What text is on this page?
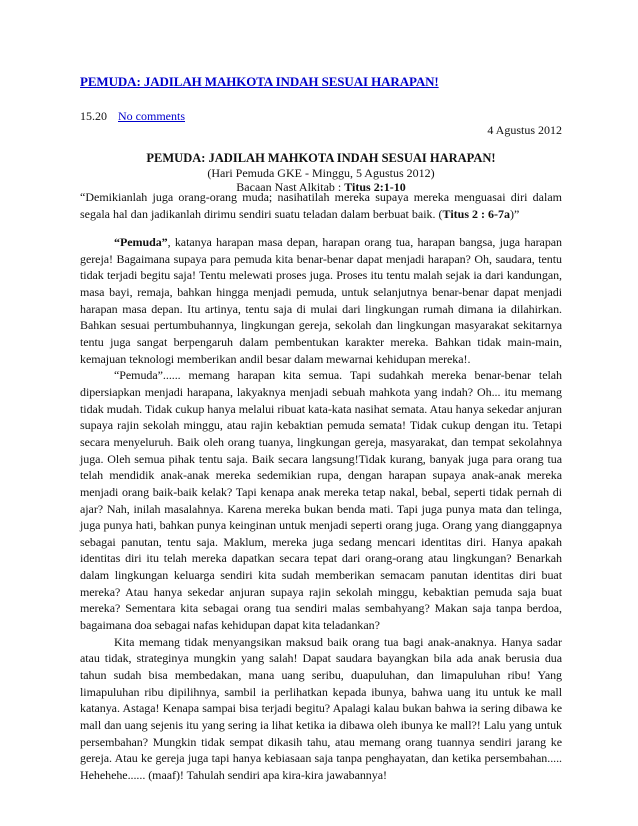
PEMUDA: JADILAH MAHKOTA INDAH SESUAI HARAPAN!
15.20 No comments
4 Agustus 2012
PEMUDA: JADILAH MAHKOTA INDAH SESUAI HARAPAN!
(Hari Pemuda GKE - Minggu, 5 Agustus 2012)
Bacaan Nast Alkitab : Titus 2:1-10
“Demikianlah juga orang-orang muda; nasihatilah mereka supaya mereka menguasai diri dalam segala hal dan jadikanlah dirimu sendiri suatu teladan dalam berbuat baik. (Titus 2 : 6-7a)”

“Pemuda”, katanya harapan masa depan, harapan orang tua, harapan bangsa, juga harapan gereja! Bagaimana supaya para pemuda kita benar-benar dapat menjadi harapan? Oh, saudara, tentu tidak terjadi begitu saja! Tentu melewati proses juga. Proses itu tentu malah sejak ia dari kandungan, masa bayi, remaja, bahkan hingga menjadi pemuda, untuk selanjutnya benar-benar dapat menjadi harapan masa depan. Itu artinya, tentu saja di mulai dari lingkungan rumah dimana ia dilahirkan. Bahkan sesuai pertumbuhannya, lingkungan gereja, sekolah dan lingkungan masyarakat sekitarnya tentu juga sangat berpengaruh dalam pembentukan karakter mereka. Bahkan tidak main-main, kemajuan teknologi memberikan andil besar dalam mewarnai kehidupan mereka!.

“Pemuda”...... memang harapan kita semua. Tapi sudahkah mereka benar-benar telah dipersiapkan menjadi harapana, lakyaknya menjadi sebuah mahkota yang indah? Oh... itu memang tidak mudah. Tidak cukup hanya melalui ribuat kata-kata nasihat semata. Atau hanya sekedar anjuran supaya rajin sekolah minggu, atau rajin kebaktian pemuda semata! Tidak cukup dengan itu. Tetapi secara menyeluruh. Baik oleh orang tuanya, lingkungan gereja, masyarakat, dan tempat sekolahnya juga. Oleh semua pihak tentu saja. Baik secara langsung!Tidak kurang, banyak juga para orang tua telah mendidik anak-anak mereka sedemikian rupa, dengan harapan supaya anak-anak mereka menjadi orang baik-baik kelak? Tapi kenapa anak mereka tetap nakal, bebal, seperti tidak pernah di ajar? Nah, inilah masalahnya. Karena mereka bukan benda mati. Tapi juga punya mata dan telinga, juga punya hati, bahkan punya keinginan untuk menjadi seperti orang juga. Orang yang dianggapnya sebagai panutan, tentu saja. Maklum, mereka juga sedang mencari identitas diri. Hanya apakah identitas diri itu telah mereka dapatkan secara tepat dari orang-orang atau lingkungan? Benarkah dalam lingkungan keluarga sendiri kita sudah memberikan semacam panutan identitas diri buat mereka? Atau hanya sekedar anjuran supaya rajin sekolah minggu, kebaktian pemuda saja buat mereka? Sementara kita sebagai orang tua sendiri malas sembahyang? Makan saja tanpa berdoa, bagaimana doa sebagai nafas kehidupan dapat kita teladankan?

Kita memang tidak menyangsikan maksud baik orang tua bagi anak-anaknya. Hanya sadar atau tidak, strateginya mungkin yang salah! Dapat saudara bayangkan bila ada anak berusia dua tahun sudah bisa membedakan, mana uang seribu, duapuluhan, dan limapuluhan ribu! Yang limapuluhan ribu dipilihnya, sambil ia perlihatkan kepada ibunya, bahwa uang itu untuk ke mall katanya. Astaga! Kenapa sampai bisa terjadi begitu? Apalagi kalau bukan bahwa ia sering dibawa ke mall dan uang sejenis itu yang sering ia lihat ketika ia dibawa oleh ibunya ke mall?! Lalu yang untuk persembahan? Mungkin tidak sempat dikasih tahu, atau memang orang tuannya sendiri jarang ke gereja. Atau ke gereja juga tapi hanya kebiasaan saja tanpa penghayatan, dan ketika persembahan..... Hehehehe...... (maaf)! Tahulah sendiri apa kira-kira jawabannya!
